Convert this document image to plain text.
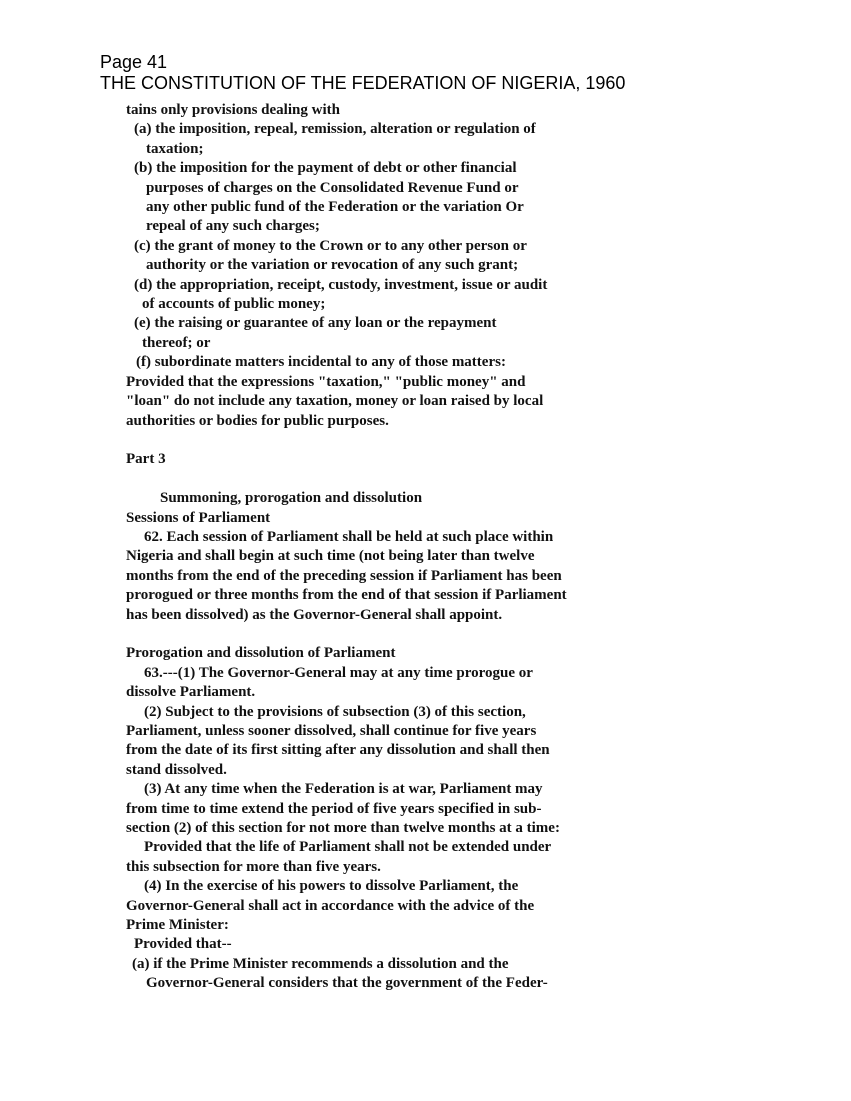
Page 41
THE CONSTITUTION OF THE FEDERATION OF NIGERIA, 1960
tains only provisions dealing with
(a) the imposition, repeal, remission, alteration or regulation of
taxation;
(b) the imposition for the payment of debt or other financial
purposes of charges on the Consolidated Revenue Fund or
any other public fund of the Federation or the variation Or
repeal of any such charges;
(c) the grant of money to the Crown or to any other person or
authority or the variation or revocation of any such grant;
(d) the appropriation, receipt, custody, investment, issue or audit
of accounts of public money;
(e) the raising or guarantee of any loan or the repayment
thereof; or
(f) subordinate matters incidental to any of those matters:
Provided that the expressions "taxation," "public money" and
"loan" do not include any taxation, money or loan raised by local
authorities or bodies for public purposes.
Part 3
Summoning, prorogation and dissolution
Sessions of Parliament
62. Each session of Parliament shall be held at such place within
Nigeria and shall begin at such time (not being later than twelve
months from the end of the preceding session if Parliament has been
prorogued or three months from the end of that session if Parliament
has been dissolved) as the Governor-General shall appoint.
Prorogation and dissolution of Parliament
63.---(1) The Governor-General may at any time prorogue or
dissolve Parliament.
(2) Subject to the provisions of subsection (3) of this section,
Parliament, unless sooner dissolved, shall continue for five years
from the date of its first sitting after any dissolution and shall then
stand dissolved.
(3) At any time when the Federation is at war, Parliament may
from time to time extend the period of five years specified in sub-
section (2) of this section for not more than twelve months at a time:
Provided that the life of Parliament shall not be extended under
this subsection for more than five years.
(4) In the exercise of his powers to dissolve Parliament, the
Governor-General shall act in accordance with the advice of the
Prime Minister:
Provided that--
(a) if the Prime Minister recommends a dissolution and the
Governor-General considers that the government of the Feder-
